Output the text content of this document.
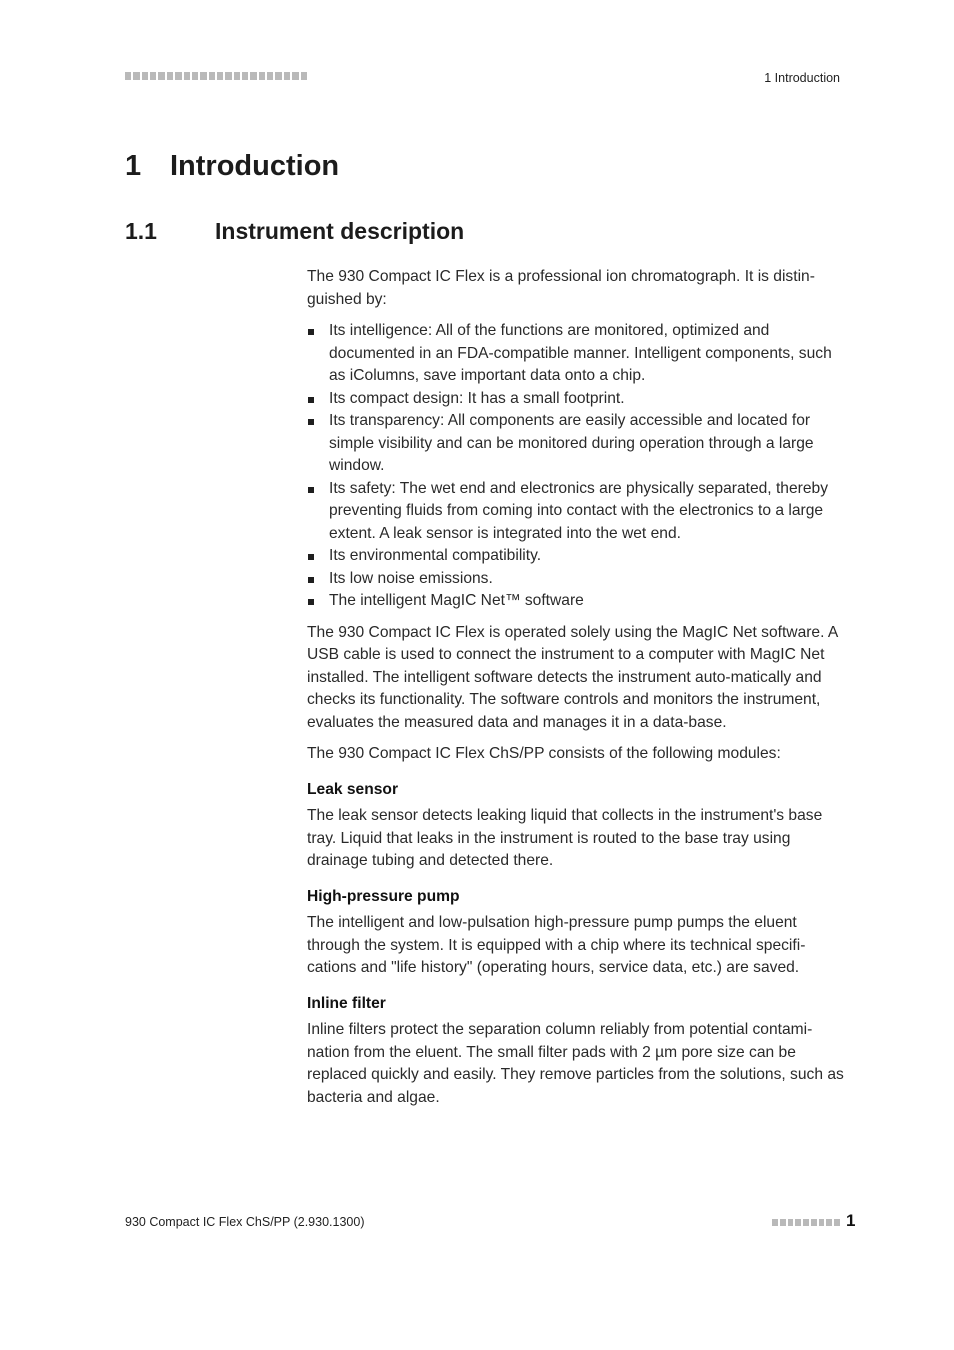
1 Introduction
1 Introduction
1.1	Instrument description

The 930 Compact IC Flex is a professional ion chromatograph. It is distin-guished by:

Its intelligence: All of the functions are monitored, optimized and documented in an FDA-compatible manner. Intelligent components, such as iColumns, save important data onto a chip.
Its compact design: It has a small footprint.
Its transparency: All components are easily accessible and located for simple visibility and can be monitored during operation through a large window.
Its safety: The wet end and electronics are physically separated, thereby preventing fluids from coming into contact with the electronics to a large extent. A leak sensor is integrated into the wet end.
Its environmental compatibility.
Its low noise emissions.
The intelligent MagIC Net™ software

The 930 Compact IC Flex is operated solely using the MagIC Net software. A USB cable is used to connect the instrument to a computer with MagIC Net installed. The intelligent software detects the instrument auto-matically and checks its functionality. The software controls and monitors the instrument, evaluates the measured data and manages it in a data-base.

The 930 Compact IC Flex ChS/PP consists of the following modules:

Leak sensor

The leak sensor detects leaking liquid that collects in the instrument's base tray. Liquid that leaks in the instrument is routed to the base tray using drainage tubing and detected there.

High-pressure pump

The intelligent and low-pulsation high-pressure pump pumps the eluent through the system. It is equipped with a chip where its technical specifi-cations and "life history" (operating hours, service data, etc.) are saved.

Inline filter

Inline filters protect the separation column reliably from potential contami-nation from the eluent. The small filter pads with 2 µm pore size can be replaced quickly and easily. They remove particles from the solutions, such as bacteria and algae.

930 Compact IC Flex ChS/PP (2.930.1300)	1
